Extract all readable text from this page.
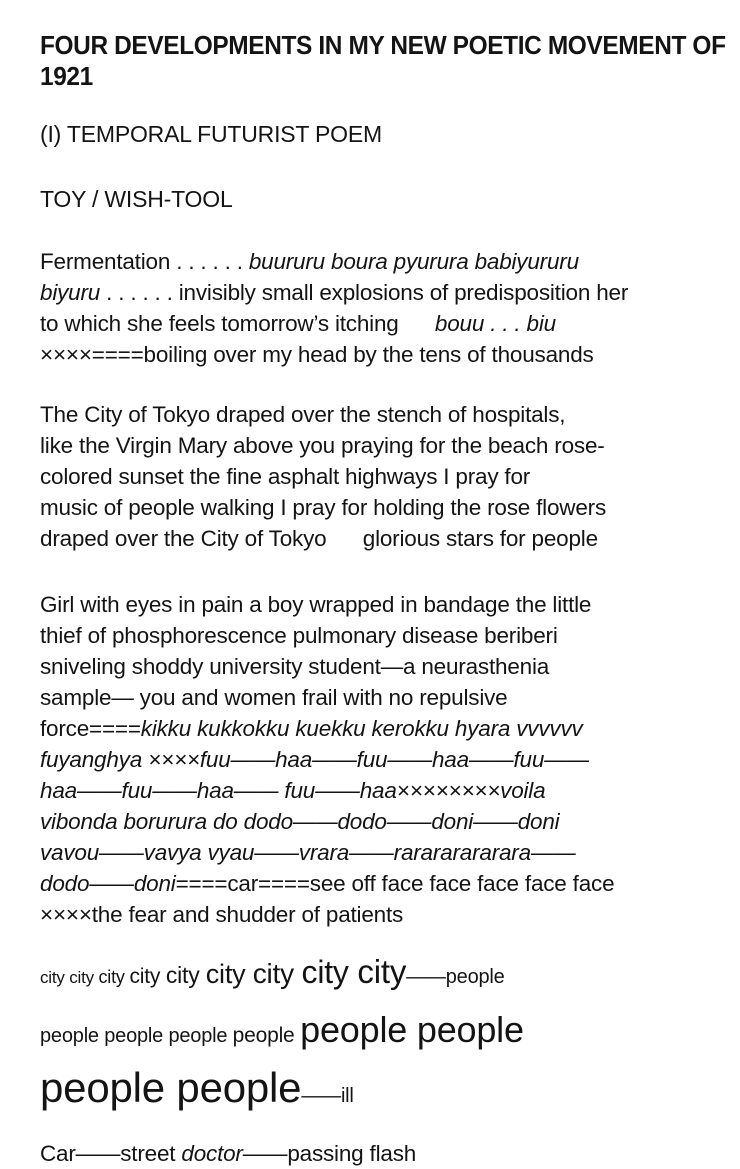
FOUR DEVELOPMENTS IN MY NEW POETIC MOVEMENT OF
1921
(I) TEMPORAL FUTURIST POEM
TOY / WISH-TOOL
Fermentation . . . . . . buururu boura pyurura babiyururu
biyuru . . . . . . invisibly small explosions of predisposition her
to which she feels tomorrow’s itching      bouu . . . biu
××××====boiling over my head by the tens of thousands
The City of Tokyo draped over the stench of hospitals,
like the Virgin Mary above you praying for the beach rose-
colored sunset the fine asphalt highways I pray for
music of people walking I pray for holding the rose flowers
draped over the City of Tokyo      glorious stars for people
Girl with eyes in pain a boy wrapped in bandage the little
thief of phosphorescence pulmonary disease beriberi
sniveling shoddy university student—a neurasthenia
sample— you and women frail with no repulsive
force====kikku kukkokku kuekku kerokku hyara vvvvvv
fuyanghya ××××fuu——haa——fuu——haa——fuu——
haa——fuu——haa—— fuu——haa××××××××voila
vibonda borurura do dodo——dodo——doni——doni
vavou——vavya vyau——vrara——rarararararara——
dodo——doni====car====see off face face face face face
××××the fear and shudder of patients
city city city city city city city city city——people
people people people people people people
people people——ill
Car——street doctor——passing flash
